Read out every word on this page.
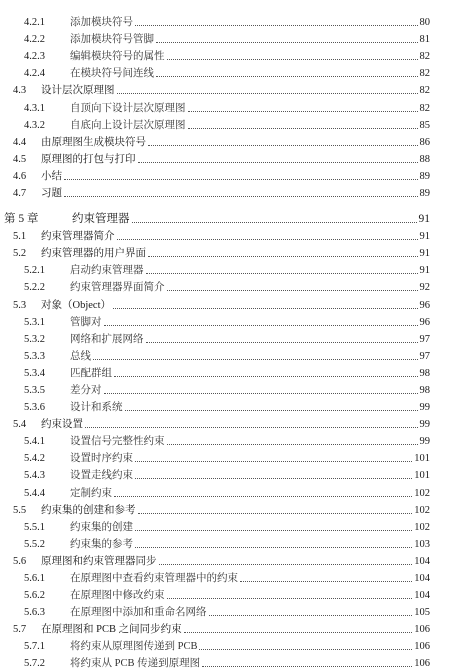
4.2.1	添加模块符号	80
4.2.2	添加模块符号管脚	81
4.2.3	编辑模块符号的属性	82
4.2.4	在模块符号间连线	82
4.3	设计层次原理图	82
4.3.1	自顶向下设计层次原理图	82
4.3.2	自底向上设计层次原理图	85
4.4	由原理图生成模块符号	86
4.5	原理图的打包与打印	88
4.6	小结	89
4.7	习题	89
第 5 章	约束管理器	91
5.1	约束管理器简介	91
5.2	约束管理器的用户界面	91
5.2.1	启动约束管理器	91
5.2.2	约束管理器界面简介	92
5.3	对象（Object）	96
5.3.1	管脚对	96
5.3.2	网络和扩展网络	97
5.3.3	总线	97
5.3.4	匹配群组	98
5.3.5	差分对	98
5.3.6	设计和系统	99
5.4	约束设置	99
5.4.1	设置信号完整性约束	99
5.4.2	设置时序约束	101
5.4.3	设置走线约束	101
5.4.4	定制约束	102
5.5	约束集的创建和参考	102
5.5.1	约束集的创建	102
5.5.2	约束集的参考	103
5.6	原理图和约束管理器同步	104
5.6.1	在原理图中查看约束管理器中的约束	104
5.6.2	在原理图中修改约束	104
5.6.3	在原理图中添加和重命名网络	105
5.7	在原理图和 PCB 之间同步约束	106
5.7.1	将约束从原理图传递到 PCB	106
5.7.2	将约束从 PCB 传递到原理图	106
